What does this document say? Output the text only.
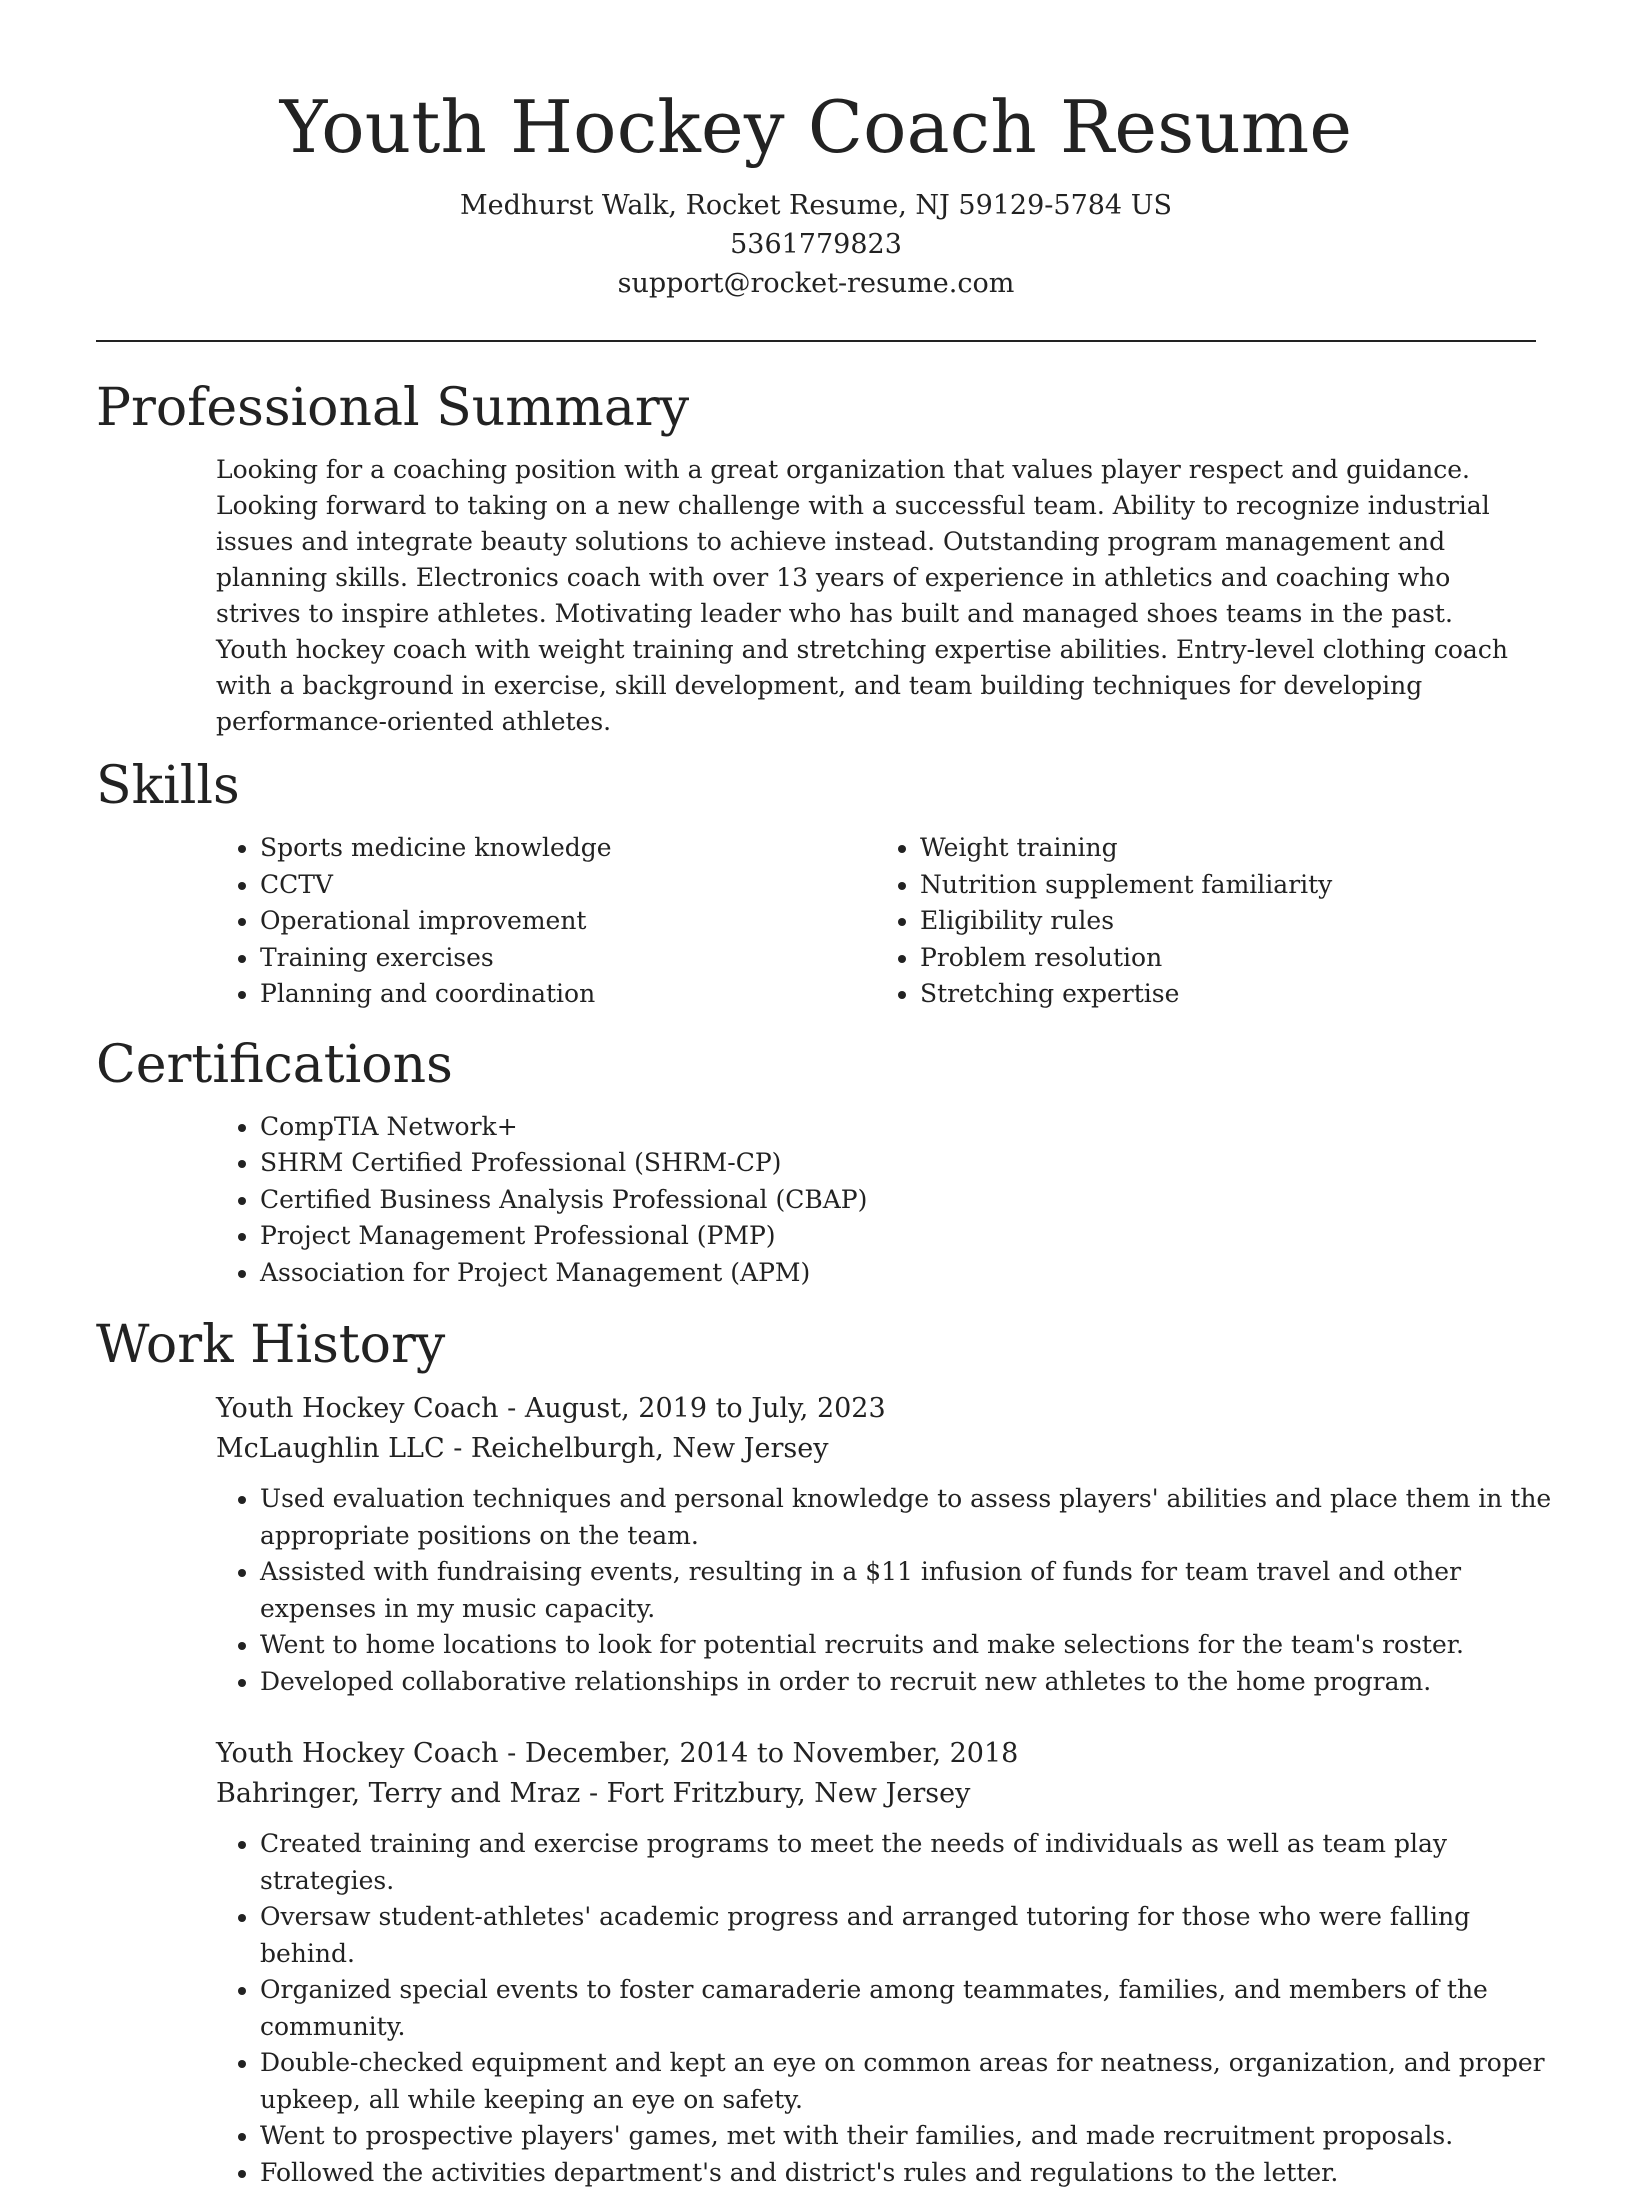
Youth Hockey Coach Resume
Medhurst Walk, Rocket Resume, NJ 59129-5784 US
5361779823
support@rocket-resume.com
Professional Summary

Looking for a coaching position with a great organization that values player respect and guidance. Looking forward to taking on a new challenge with a successful team. Ability to recognize industrial issues and integrate beauty solutions to achieve instead. Outstanding program management and planning skills. Electronics coach with over 13 years of experience in athletics and coaching who strives to inspire athletes. Motivating leader who has built and managed shoes teams in the past. Youth hockey coach with weight training and stretching expertise abilities. Entry-level clothing coach with a background in exercise, skill development, and team building techniques for developing performance-oriented athletes.

Skills
• Sports medicine knowledge
• CCTV
• Operational improvement
• Training exercises
• Planning and coordination
• Weight training
• Nutrition supplement familiarity
• Eligibility rules
• Problem resolution
• Stretching expertise
Certifications
• CompTIA Network+
• SHRM Certified Professional (SHRM-CP)
• Certified Business Analysis Professional (CBAP)
• Project Management Professional (PMP)
• Association for Project Management (APM)
Work History
Youth Hockey Coach - August, 2019 to July, 2023
McLaughlin LLC - Reichelburgh, New Jersey
• Used evaluation techniques and personal knowledge to assess players' abilities and place them in the appropriate positions on the team.
• Assisted with fundraising events, resulting in a $11 infusion of funds for team travel and other expenses in my music capacity.
• Went to home locations to look for potential recruits and make selections for the team's roster.
• Developed collaborative relationships in order to recruit new athletes to the home program.
Youth Hockey Coach - December, 2014 to November, 2018
Bahringer, Terry and Mraz - Fort Fritzbury, New Jersey
• Created training and exercise programs to meet the needs of individuals as well as team play strategies.
• Oversaw student-athletes' academic progress and arranged tutoring for those who were falling behind.
• Organized special events to foster camaraderie among teammates, families, and members of the community.
• Double-checked equipment and kept an eye on common areas for neatness, organization, and proper upkeep, all while keeping an eye on safety.
• Went to prospective players' games, met with their families, and made recruitment proposals.
• Followed the activities department's and district's rules and regulations to the letter.
